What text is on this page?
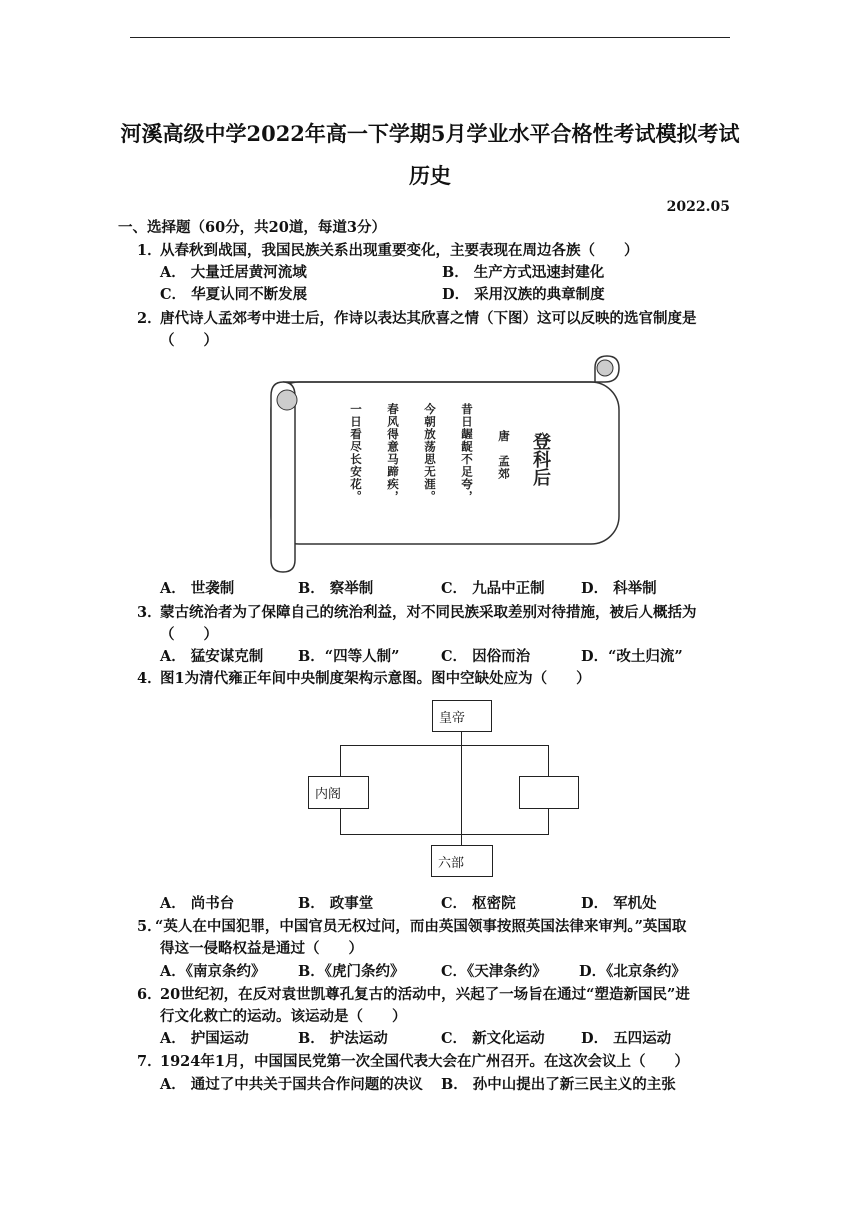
河溪高级中学2022年高一下学期5月学业水平合格性考试模拟考试
历史
2022.05
一、选择题（60分，共20道，每道3分）
1．
从春秋到战国，我国民族关系出现重要变化，主要表现在周边各族（　　）
A． 大量迁居黄河流域	B． 生产方式迅速封建化
C． 华夏认同不断发展	D． 采用汉族的典章制度
2．
唐代诗人孟郊考中进士后，作诗以表达其欣喜之情（下图）这可以反映的选官制度是
（　　）
登科后
唐　孟郊
昔日龌龊不足夸，
今朝放荡思无涯。
春风得意马蹄疾，
一日看尽长安花。
A． 世袭制	B． 察举制	C． 九品中正制	D． 科举制
3．
蒙古统治者为了保障自己的统治利益，对不同民族采取差别对待措施，被后人概括为
（　　）
A． 猛安谋克制 B．“四等人制”	C． 因俗而治	D．“改土归流”
4．
图1为清代雍正年间中央制度架构示意图。图中空缺处应为（　　）
皇帝
内阁
六部
A． 尚书台	B． 政事堂	C． 枢密院	D． 军机处
5．
“英人在中国犯罪，中国官员无权过问，而由英国领事按照英国法律来审判。”英国取
得这一侵略权益是通过（　　）
A．《南京条约》 B．《虎门条约》	C．《天津条约》 D．《北京条约》
6．
20世纪初，在反对袁世凯尊孔复古的活动中，兴起了一场旨在通过“塑造新国民”进
行文化救亡的运动。该运动是（　　）
A． 护国运动	B． 护法运动	C． 新文化运动	D． 五四运动
7．
1924年1月，中国国民党第一次全国代表大会在广州召开。在这次会议上（　　）
A． 通过了中共关于国共合作问题的决议 B． 孙中山提出了新三民主义的主张
